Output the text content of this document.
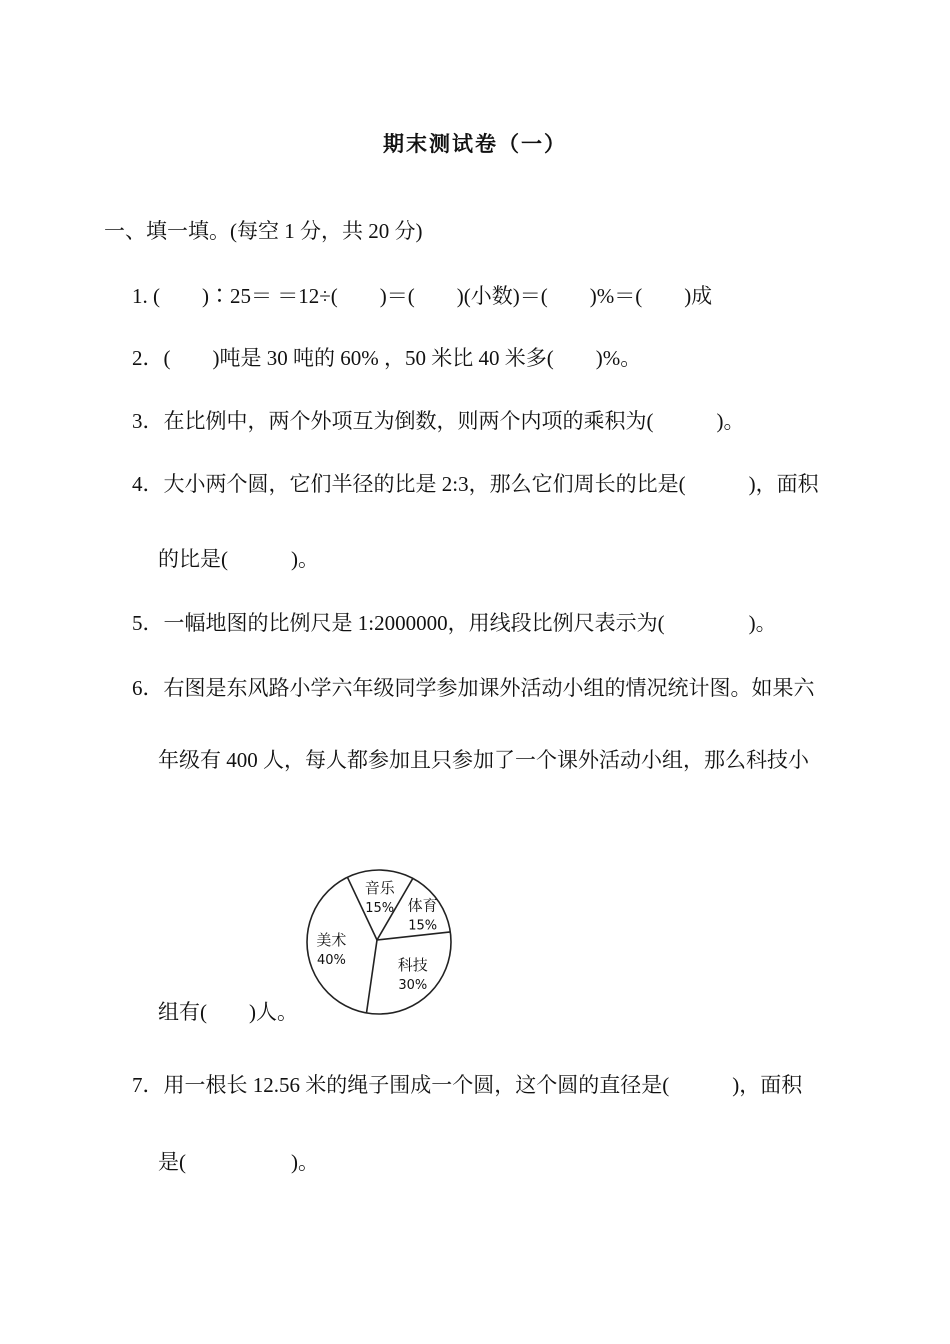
期末测试卷（一）
一、填一填。(每空 1 分，共 20 分)
1. (　　)∶25＝ ＝12÷(　　)＝(　　)(小数)＝(　　)%＝(　　)成
2．(　　)吨是 30 吨的 60% ，50 米比 40 米多(　　)%。
3．在比例中，两个外项互为倒数，则两个内项的乘积为(　　　)。
4．大小两个圆，它们半径的比是 2:3，那么它们周长的比是(　　　)，面积
的比是(　　　)。
5．一幅地图的比例尺是 1:2000000，用线段比例尺表示为(　　　　)。
6．右图是东风路小学六年级同学参加课外活动小组的情况统计图。如果六
年级有 400 人，每人都参加且只参加了一个课外活动小组，那么科技小
组有(　　)人。
音乐
15% 体育
15%
科技
30%
美术
40%
7．用一根长 12.56 米的绳子围成一个圆，这个圆的直径是(　　　)，面积
是(　　　　　)。
